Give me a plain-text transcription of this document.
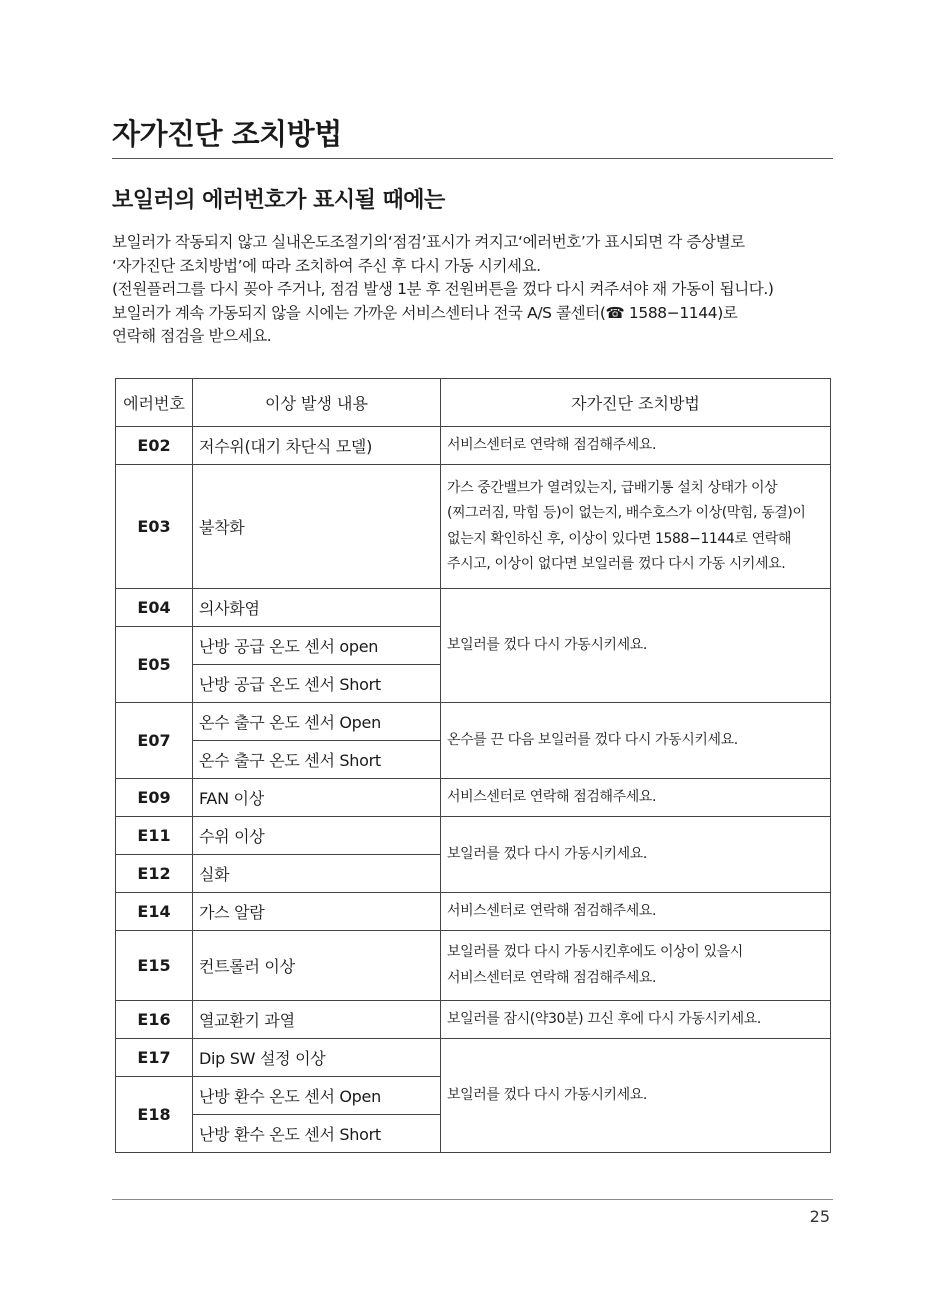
자가진단 조치방법
보일러의 에러번호가 표시될 때에는
보일러가 작동되지 않고 실내온도조절기의‘점검’표시가 켜지고‘에러번호’가 표시되면 각 증상별로
‘자가진단 조치방법’에 따라 조치하여 주신 후 다시 가동 시키세요.
(전원플러그를 다시 꽂아 주거나, 점검 발생 1분 후 전원버튼을 껐다 다시 켜주셔야 재 가동이 됩니다.)
보일러가 계속 가동되지 않을 시에는 가까운 서비스센터나 전국 A/S 콜센터(☎ 1588−1144)로
연락해 점검을 받으세요.
에러번호	이상 발생 내용	자가진단 조치방법
E02	저수위(대기 차단식 모델)	서비스센터로 연락해 점검해주세요.

E03	불착화	가스 중간밸브가 열려있는지, 급배기통 설치 상태가 이상
(찌그러짐, 막힘 등)이 없는지, 배수호스가 이상(막힘, 동결)이
없는지 확인하신 후, 이상이 있다면 1588−1144로 연락해
주시고, 이상이 없다면 보일러를 껐다 다시 가동 시키세요.

E04	의사화염	보일러를 껐다 다시 가동시키세요.

E05	난방 공급 온도 센서 open	
	난방 공급 온도 센서 Short	
E07	온수 출구 온도 센서 Open	온수를 끈 다음 보일러를 껐다 다시 가동시키세요.

	온수 출구 온도 센서 Short	
E09	FAN 이상	서비스센터로 연락해 점검해주세요.

E11	수위 이상	보일러를 껐다 다시 가동시키세요.

E12	실화	
E14	가스 알람	서비스센터로 연락해 점검해주세요.

E15	컨트롤러 이상	보일러를 껐다 다시 가동시킨후에도 이상이 있을시
서비스센터로 연락해 점검해주세요.

E16	열교환기 과열	보일러를 잠시(약30분) 끄신 후에 다시 가동시키세요.

E17	Dip SW 설정 이상	보일러를 껐다 다시 가동시키세요.

E18	난방 환수 온도 센서 Open	
	난방 환수 온도 센서 Short	
25
